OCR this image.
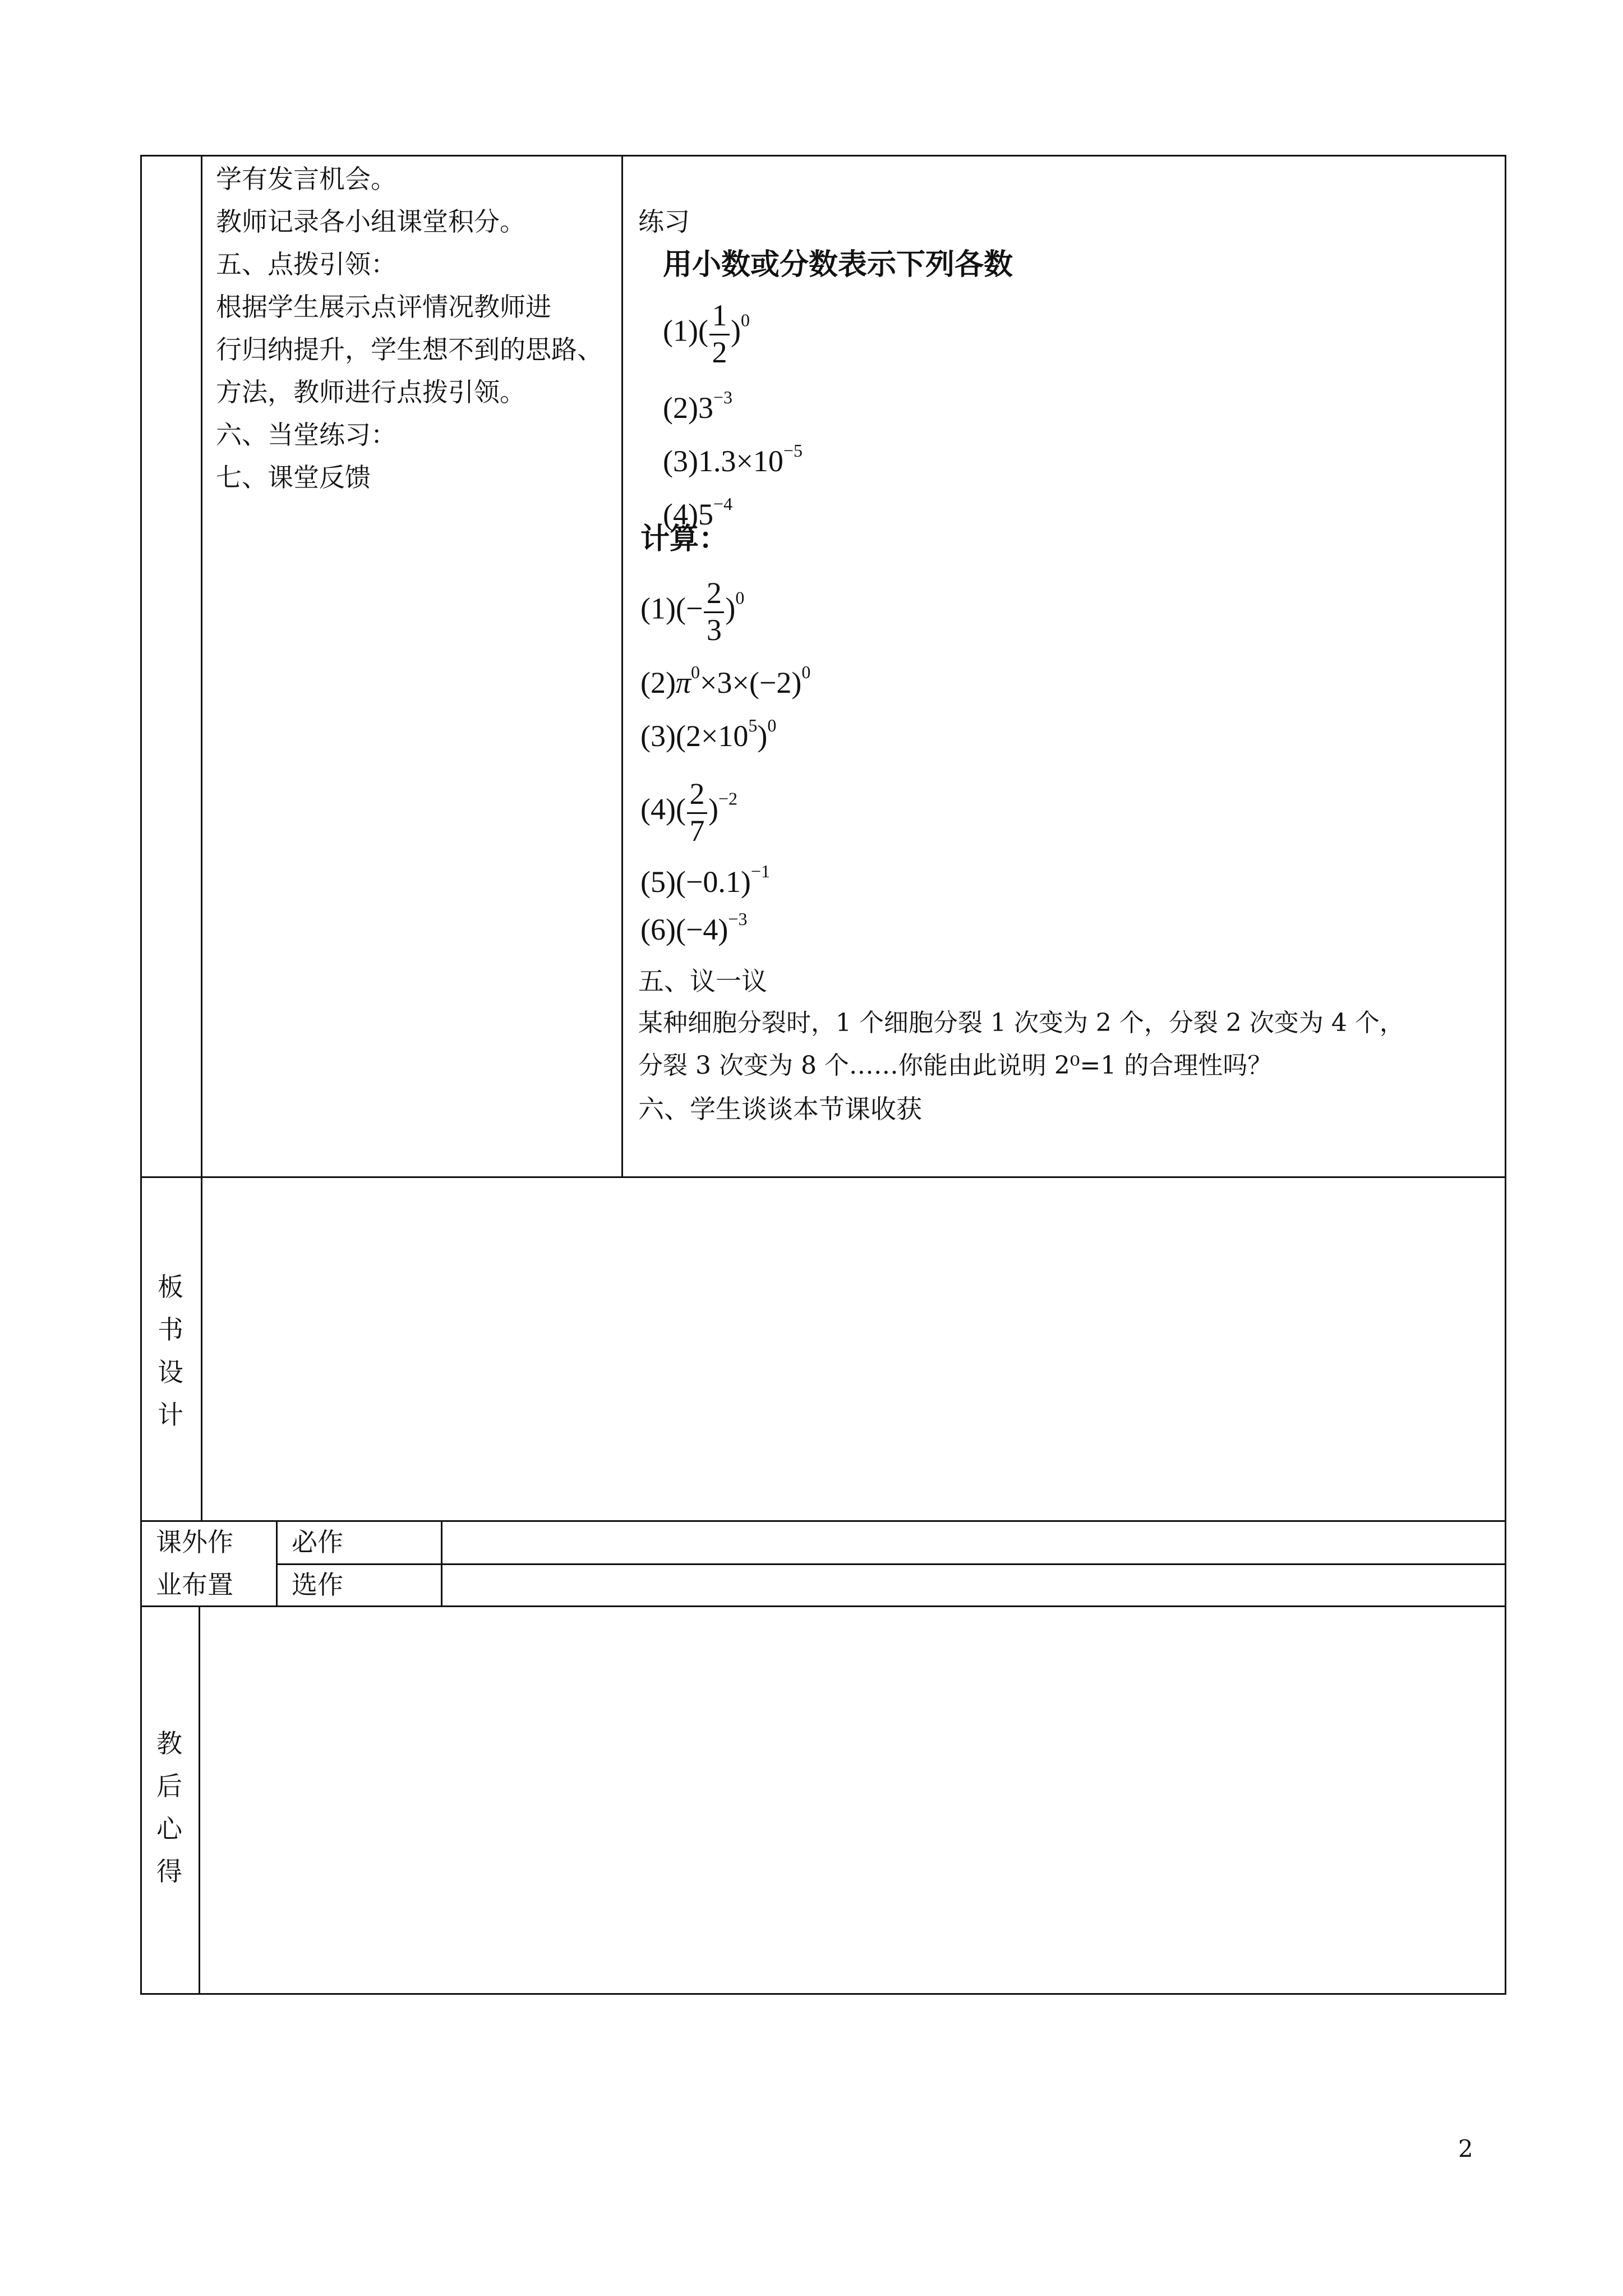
学有发言机会。
教师记录各小组课堂积分。
五、点拨引领：
根据学生展示点评情况教师进
行归纳提升，学生想不到的思路、
方法，教师进行点拨引领。
六、当堂练习：
七、课堂反馈
练习
用小数或分数表示下列各数
$(1)( \frac{1}{2} )^0$
$(2)3^{-3}$
$(3)1.3\times 10^{-5}$
$(4)5^{-4}$
计算：
$(1)(- \frac{2}{3} )^0$
$(2)\pi^0\times 3\times(-2)^0$
$(3)(2\times 10^5)^0$
$(4)( \frac{2}{7} )^{-2}$
$(5)(-0.1)^{-1}$
$(6)(-4)^{-3}$
五、议一议
某种细胞分裂时，1 个细胞分裂 1 次变为 2 个，分裂 2 次变为 4 个，
分裂 3 次变为 8 个……你能由此说明 2⁰=1 的合理性吗？
六、学生谈谈本节课收获
板
书
设
计
课外作
业布置
必作
选作
教
后
心
得
2
